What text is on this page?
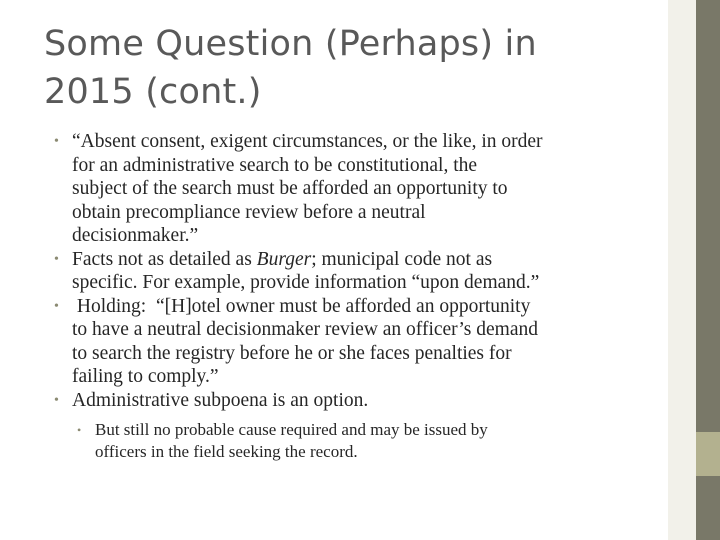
Some Question (Perhaps) in
2015 (cont.)
• “Absent consent, exigent circumstances, or the like, in order
for an administrative search to be constitutional, the
subject of the search must be afforded an opportunity to
obtain precompliance review before a neutral
decisionmaker.”
• Facts not as detailed as Burger; municipal code not as
specific. For example, provide information “upon demand.”
• Holding:  “[H]otel owner must be afforded an opportunity
to have a neutral decisionmaker review an officer’s demand
to search the registry before he or she faces penalties for
failing to comply.”
• Administrative subpoena is an option.
• But still no probable cause required and may be issued by
officers in the field seeking the record.
